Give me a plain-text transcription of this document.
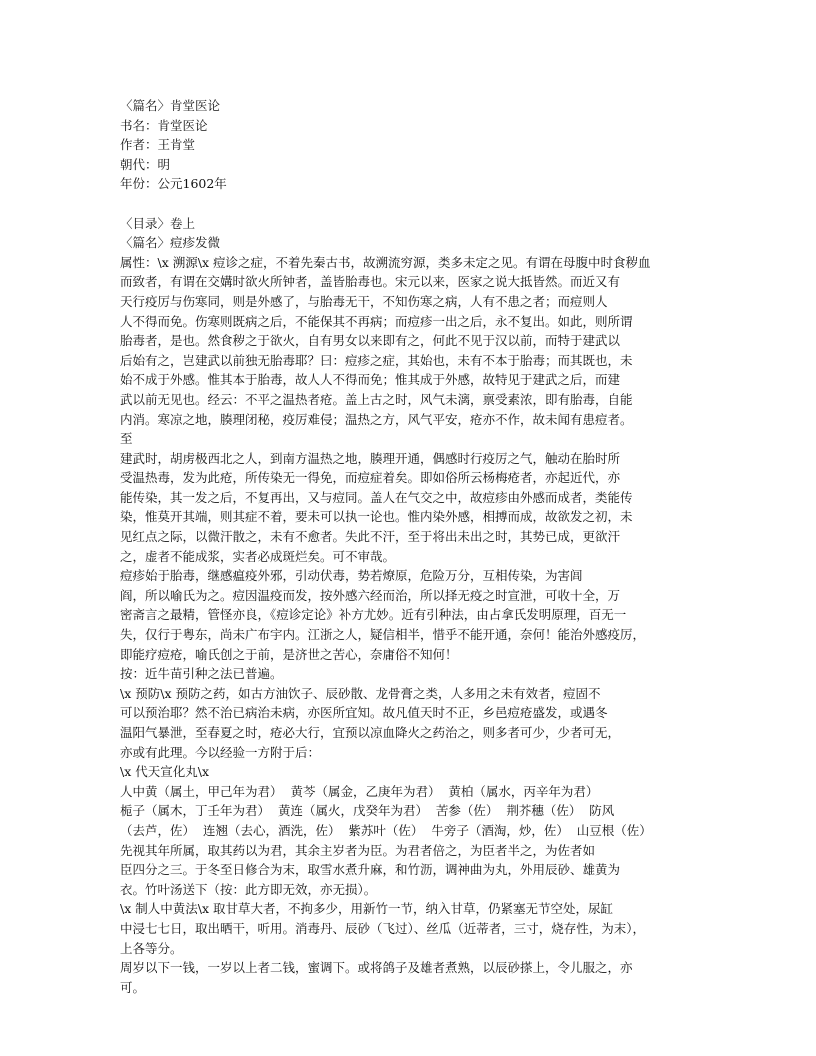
〈篇名〉肯堂医论
书名：肯堂医论
作者：王肯堂
朝代：明
年份：公元1602年
〈目录〉卷上
〈篇名〉痘疹发微
属性：\x 溯源\x 痘诊之症，不着先秦古书，故溯流穷源，类多未定之见。有谓在母腹中时食秽血
而致者，有谓在交媾时欲火所钟者，盖皆胎毒也。宋元以来，医家之说大抵皆然。而近又有
天行疫厉与伤寒同，则是外感了，与胎毒无干，不知伤寒之病，人有不患之者；而痘则人
人不得而免。伤寒则既病之后，不能保其不再病；而痘疹一出之后，永不复出。如此，则所谓
胎毒者，是也。然食秽之于欲火，自有男女以来即有之，何此不见于汉以前，而特于建武以
后始有之，岂建武以前独无胎毒耶？曰：痘疹之症，其始也，未有不本于胎毒；而其既也，未
始不成于外感。惟其本于胎毒，故人人不得而免；惟其成于外感，故特见于建武之后，而建
武以前无见也。经云：不平之温热者疮。盖上古之时，风气未漓，禀受素浓，即有胎毒，自能
内消。寒凉之地，腠理闭秘，疫厉难侵；温热之方，风气平安，疮亦不作，故未闻有患痘者。
至
建武时，胡虏极西北之人，到南方温热之地，腠理开通，偶感时行疫厉之气，触动在胎时所
受温热毒，发为此疮，所传染无一得免，而痘症着矣。即如俗所云杨梅疮者，亦起近代，亦
能传染，其一发之后，不复再出，又与痘同。盖人在气交之中，故痘疹由外感而成者，类能传
染，惟莫开其端，则其症不着，要未可以执一论也。惟内染外感，相搏而成，故欲发之初，未
见红点之际，以微汗散之，未有不愈者。失此不汗，至于将出未出之时，其势已成，更欲汗
之，虚者不能成浆，实者必成斑烂矣。可不审哉。
痘疹始于胎毒，继感瘟疫外邪，引动伏毒，势若燎原，危险万分，互相传染，为害闾
阎，所以喻氏为之。痘因温疫而发，按外感六经而治，所以择无疫之时宣泄，可收十全，万
密斋言之最精，管怪亦良，《痘诊定论》补方尤妙。近有引种法，由占拿氏发明原理，百无一
失，仅行于粤东，尚未广布宇内。江浙之人，疑信相半，惜乎不能开通，奈何！能治外感疫厉，
即能疗痘疮，喻氏创之于前，是济世之苦心，奈庸俗不知何！
按：近牛苗引种之法已普遍。
\x 预防\x 预防之药，如古方油饮子、辰砂散、龙骨膏之类，人多用之未有效者，痘固不
可以预治耶？然不治已病治未病，亦医所宜知。故凡值天时不正，乡邑痘疮盛发，或遇冬
温阳气暴泄，至春夏之时，疮必大行，宜预以凉血降火之药治之，则多者可少，少者可无，
亦或有此理。今以经验一方附于后：
\x 代天宣化丸\x
人中黄（属土，甲己年为君）  黄芩（属金，乙庚年为君）  黄柏（属水，丙辛年为君）
栀子（属木，丁壬年为君）  黄连（属火，戊癸年为君）  苦参（佐）  荆芥穗（佐）  防风
（去芦，佐）  连翘（去心，酒洗，佐）  紫苏叶（佐）  牛旁子（酒淘，炒，佐）  山豆根（佐）
先视其年所属，取其药以为君，其余主岁者为臣。为君者倍之，为臣者半之，为佐者如
臣四分之三。于冬至日修合为末，取雪水煮升麻，和竹沥，调神曲为丸，外用辰砂、雄黄为
衣。竹叶汤送下（按：此方即无效，亦无损）。
\x 制人中黄法\x 取甘草大者，不拘多少，用新竹一节，纳入甘草，仍紧塞无节空处，尿缸
中浸七七日，取出晒干，听用。消毒丹、辰砂（飞过）、丝瓜（近蒂者，三寸，烧存性，为末），
上各等分。
周岁以下一钱，一岁以上者二钱，蜜调下。或将鸽子及雄者煮熟，以辰砂搽上，令儿服之，亦
可。
